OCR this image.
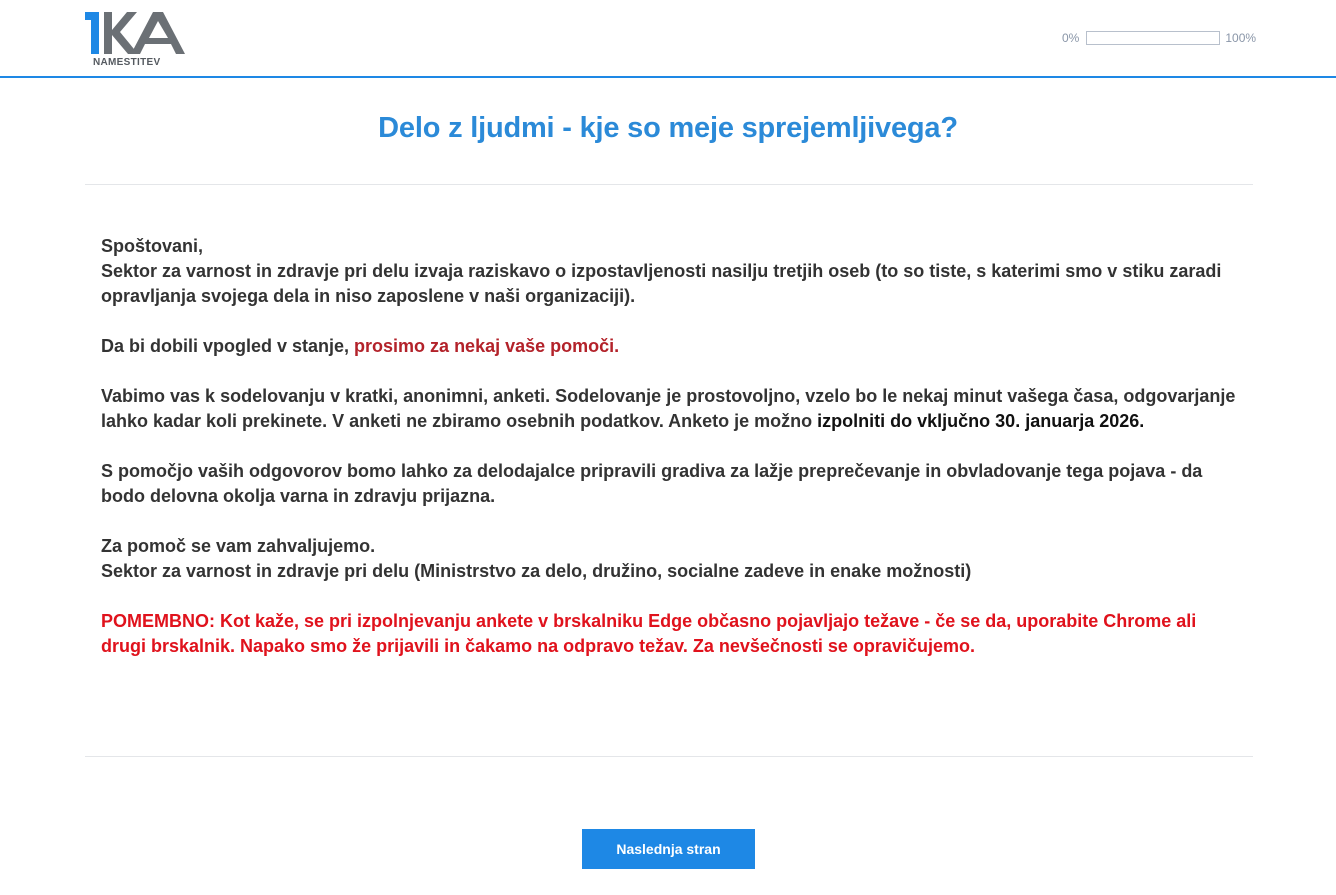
NAMESTITEV
0%	100%
Delo z ljudmi - kje so meje sprejemljivega?

Spoštovani,
Sektor za varnost in zdravje pri delu izvaja raziskavo o izpostavljenosti nasilju tretjih oseb (to so tiste, s katerimi smo v stiku zaradi opravljanja svojega dela in niso zaposlene v naši organizaciji).

Da bi dobili vpogled v stanje, prosimo za nekaj vaše pomoči.

Vabimo vas k sodelovanju v kratki, anonimni, anketi. Sodelovanje je prostovoljno, vzelo bo le nekaj minut vašega časa, odgovarjanje lahko kadar koli prekinete. V anketi ne zbiramo osebnih podatkov. Anketo je možno izpolniti do vključno 30. januarja 2026.

S pomočjo vaših odgovorov bomo lahko za delodajalce pripravili gradiva za lažje preprečevanje in obvladovanje tega pojava - da bodo delovna okolja varna in zdravju prijazna.

Za pomoč se vam zahvaljujemo.
Sektor za varnost in zdravje pri delu (Ministrstvo za delo, družino, socialne zadeve in enake možnosti)

POMEMBNO: Kot kaže, se pri izpolnjevanju ankete v brskalniku Edge občasno pojavljajo težave - če se da, uporabite Chrome ali drugi brskalnik. Napako smo že prijavili in čakamo na odpravo težav. Za nevšečnosti se opravičujemo.

Naslednja stran
